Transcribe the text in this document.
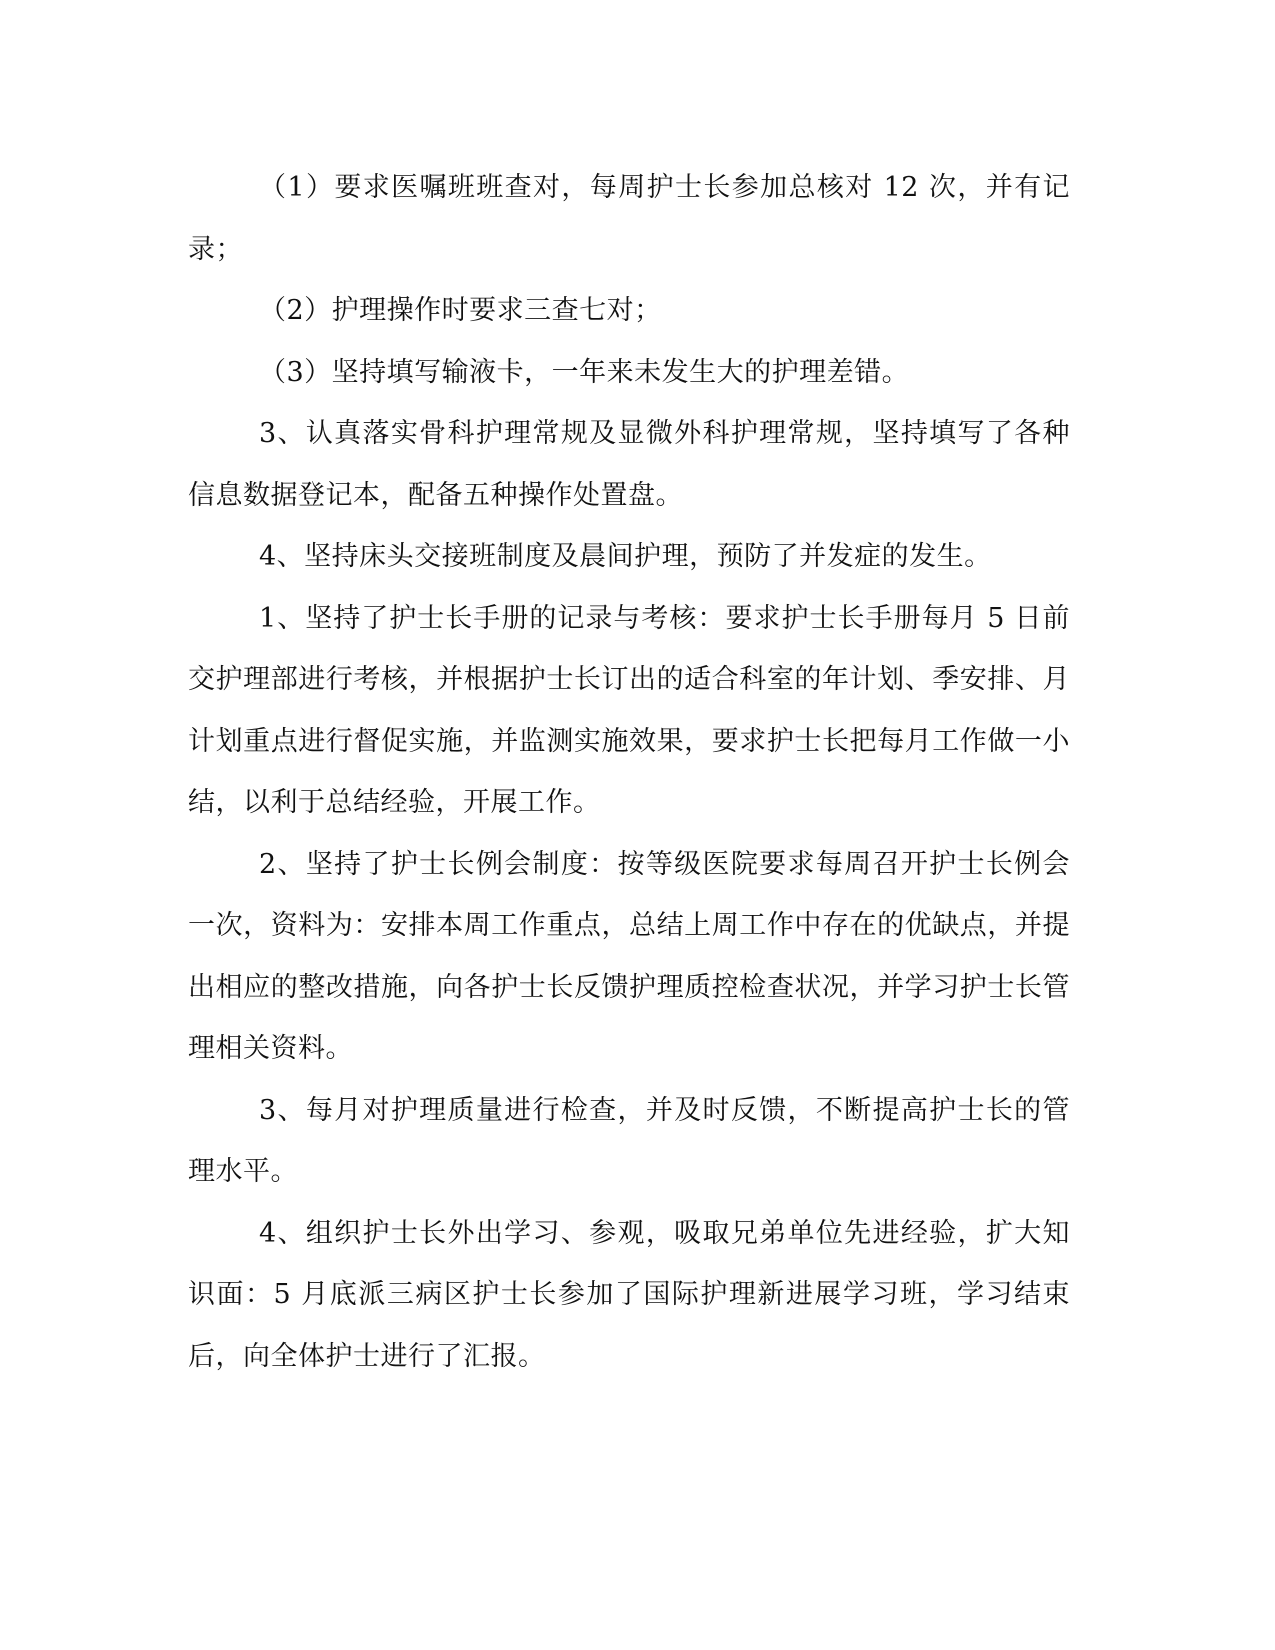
（1）要求医嘱班班查对，每周护士长参加总核对 12 次，并有记录；

（2）护理操作时要求三查七对；

（3）坚持填写输液卡，一年来未发生大的护理差错。

3、认真落实骨科护理常规及显微外科护理常规，坚持填写了各种信息数据登记本，配备五种操作处置盘。

4、坚持床头交接班制度及晨间护理，预防了并发症的发生。

1、坚持了护士长手册的记录与考核：要求护士长手册每月 5 日前交护理部进行考核，并根据护士长订出的适合科室的年计划、季安排、月计划重点进行督促实施，并监测实施效果，要求护士长把每月工作做一小结，以利于总结经验，开展工作。

2、坚持了护士长例会制度：按等级医院要求每周召开护士长例会一次，资料为：安排本周工作重点，总结上周工作中存在的优缺点，并提出相应的整改措施，向各护士长反馈护理质控检查状况，并学习护士长管理相关资料。

3、每月对护理质量进行检查，并及时反馈，不断提高护士长的管理水平。

4、组织护士长外出学习、参观，吸取兄弟单位先进经验，扩大知识面：5 月底派三病区护士长参加了国际护理新进展学习班，学习结束后，向全体护士进行了汇报。
